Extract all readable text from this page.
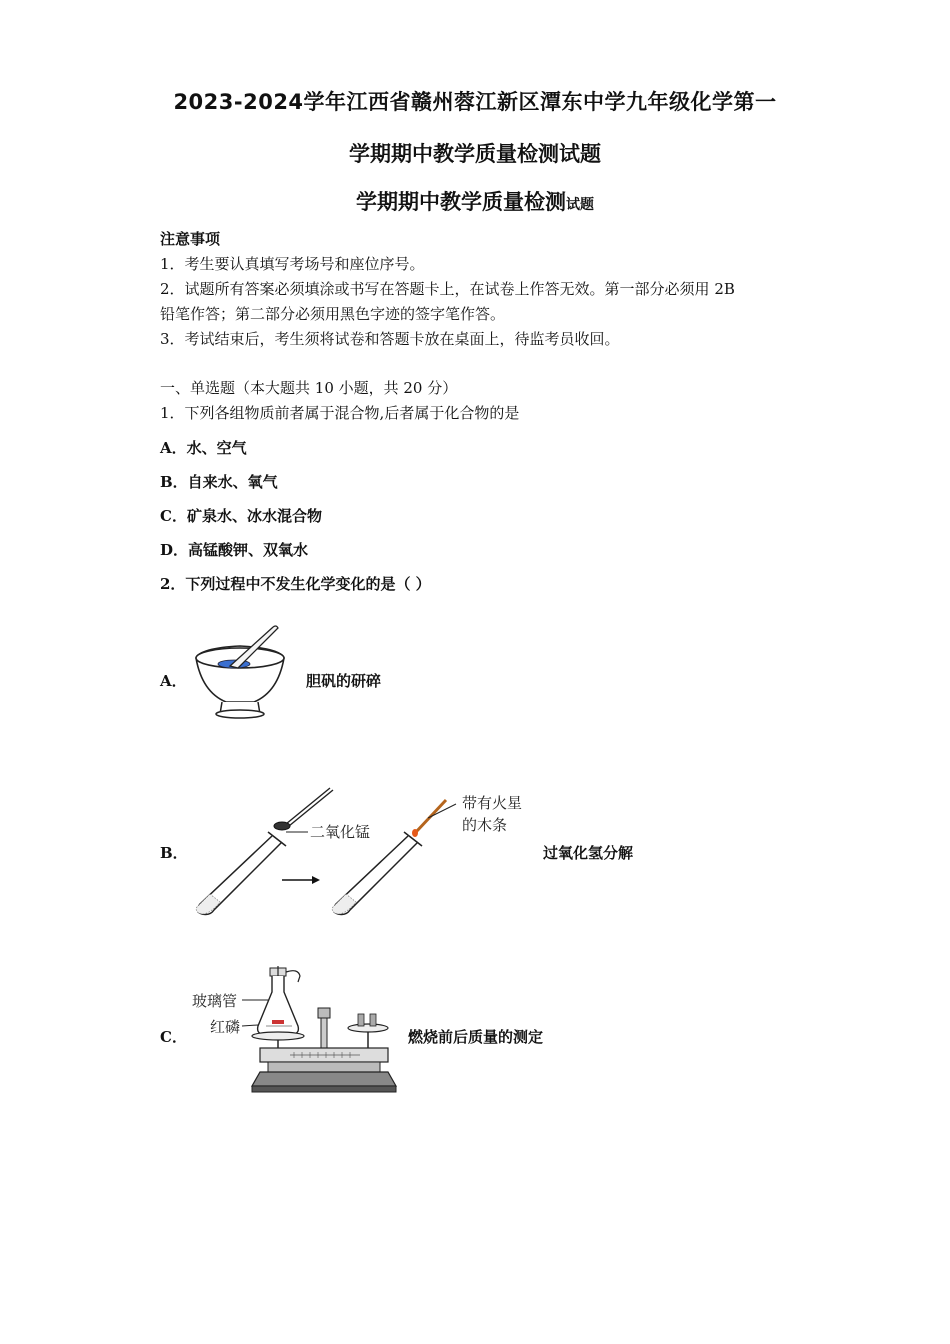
2023-2024学年江西省赣州蓉江新区潭东中学九年级化学第一
学期期中教学质量检测试题
学期期中教学质量检测试题
注意事项
1．考生要认真填写考场号和座位序号。
2．试题所有答案必须填涂或书写在答题卡上，在试卷上作答无效。第一部分必须用 2B
铅笔作答；第二部分必须用黑色字迹的签字笔作答。
3．考试结束后，考生须将试卷和答题卡放在桌面上，待监考员收回。
一、单选题（本大题共 10 小题，共 20 分）
1．下列各组物质前者属于混合物,后者属于化合物的是
A．水、空气
B．自来水、氧气
C．矿泉水、冰水混合物
D．高锰酸钾、双氧水
2．下列过程中不发生化学变化的是（ ）
A．	胆矾的研碎
B．
二氧化锰
带有火星
的木条
过氧化氢分解
C．
玻璃管
红磷
燃烧前后质量的测定
